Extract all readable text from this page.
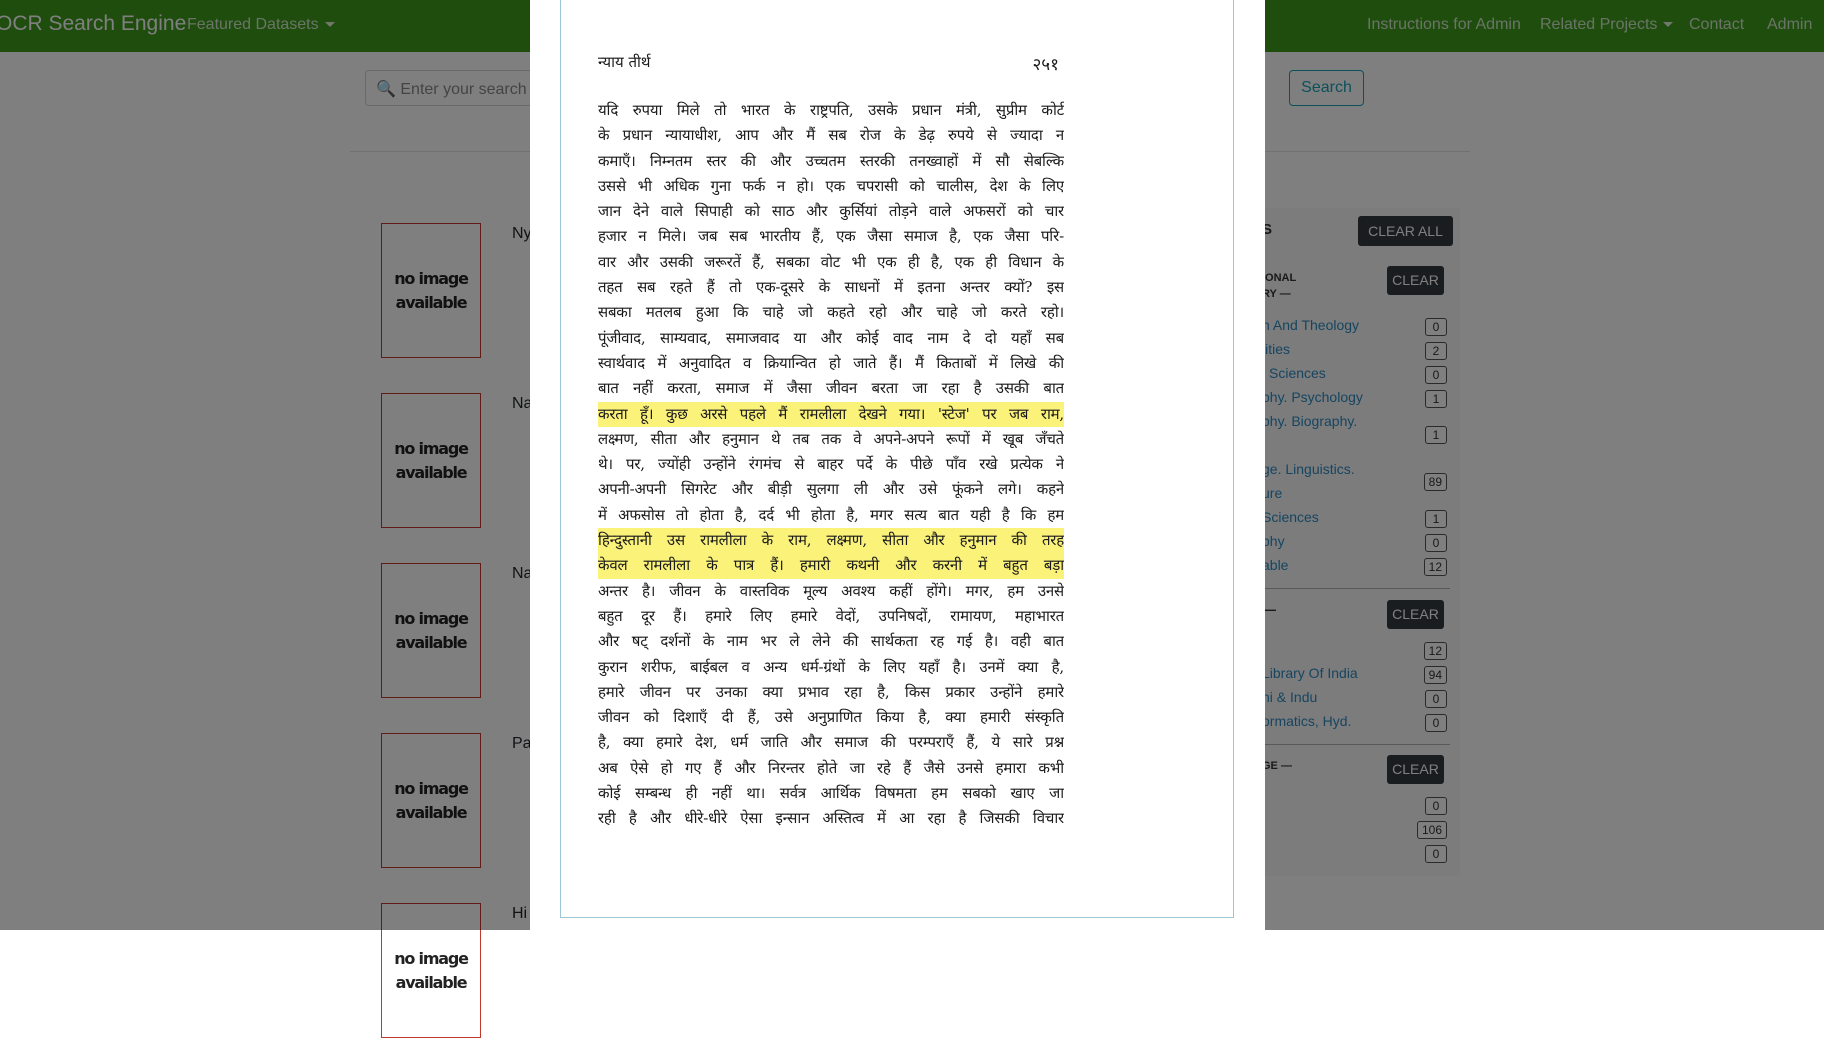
no image
available

न्याय तीर्थ	२५१
यदि रुपया मिले तो भारत के राष्ट्रपति, उसके प्रधान मंत्री, सुप्रीम कोर्ट
के प्रधान न्यायाधीश, आप और मैं सब रोज के डेढ़ रुपये से ज्यादा न
कमाएँ। निम्नतम स्तर की और उच्चतम स्तरकी तनख्वाहों में सौ सेबल्कि
उससे भी अधिक गुना फर्क न हो। एक चपरासी को चालीस, देश के लिए
जान देने वाले सिपाही को साठ और कुर्सियां तोड़ने वाले अफसरों को चार
हजार न मिले। जब सब भारतीय हैं, एक जैसा समाज है, एक जैसा परि-
वार और उसकी जरूरतें हैं, सबका वोट भी एक ही है, एक ही विधान के
तहत सब रहते हैं तो एक-दूसरे के साधनों में इतना अन्तर क्यों? इस
सबका मतलब हुआ कि चाहे जो कहते रहो और चाहे जो करते रहो।
पूंजीवाद, साम्यवाद, समाजवाद या और कोई वाद नाम दे दो यहाँ सब
स्वार्थवाद में अनुवादित व क्रियान्वित हो जाते हैं। मैं किताबों में लिखे की
बात नहीं करता, समाज में जैसा जीवन बरता जा रहा है उसकी बात
करता हूँ। कुछ अरसे पहले मैं रामलीला देखने गया। 'स्टेज' पर जब राम,
लक्ष्मण, सीता और हनुमान थे तब तक वे अपने-अपने रूपों में खूब जँचते
थे। पर, ज्योंही उन्होंने रंगमंच से बाहर पर्दे के पीछे पाँव रखे प्रत्येक ने
अपनी-अपनी सिगरेट और बीड़ी सुलगा ली और उसे फूंकने लगे। कहने
में अफसोस तो होता है, दर्द भी होता है, मगर सत्य बात यही है कि हम
हिन्दुस्तानी उस रामलीला के राम, लक्ष्मण, सीता और हनुमान की तरह
केवल रामलीला के पात्र हैं। हमारी कथनी और करनी में बहुत बड़ा
अन्तर है। जीवन के वास्तविक मूल्य अवश्य कहीं होंगे। मगर, हम उनसे
बहुत दूर हैं। हमारे लिए हमारे वेदों, उपनिषदों, रामायण, महाभारत
और षट् दर्शनों के नाम भर ले लेने की सार्थकता रह गई है। वही बात
कुरान शरीफ, बाईबल व अन्य धर्म-ग्रंथों के लिए यहाँ है। उनमें क्या है,
हमारे जीवन पर उनका क्या प्रभाव रहा है, किस प्रकार उन्होंने हमारे
जीवन को दिशाएँ दी हैं, उसे अनुप्राणित किया है, क्या हमारी संस्कृति
है, क्या हमारे देश, धर्म जाति और समाज की परम्पराएँ हैं, ये सारे प्रश्न
अब ऐसे हो गए हैं और निरन्तर होते जा रहे हैं जैसे उनसे हमारा कभी
कोई सम्बन्ध ही नहीं था। सर्वत्र आर्थिक विषमता हम सबको खाए जा
रही है और धीरे-धीरे ऐसा इन्सान अस्तित्व में आ रहा है जिसकी विचार
